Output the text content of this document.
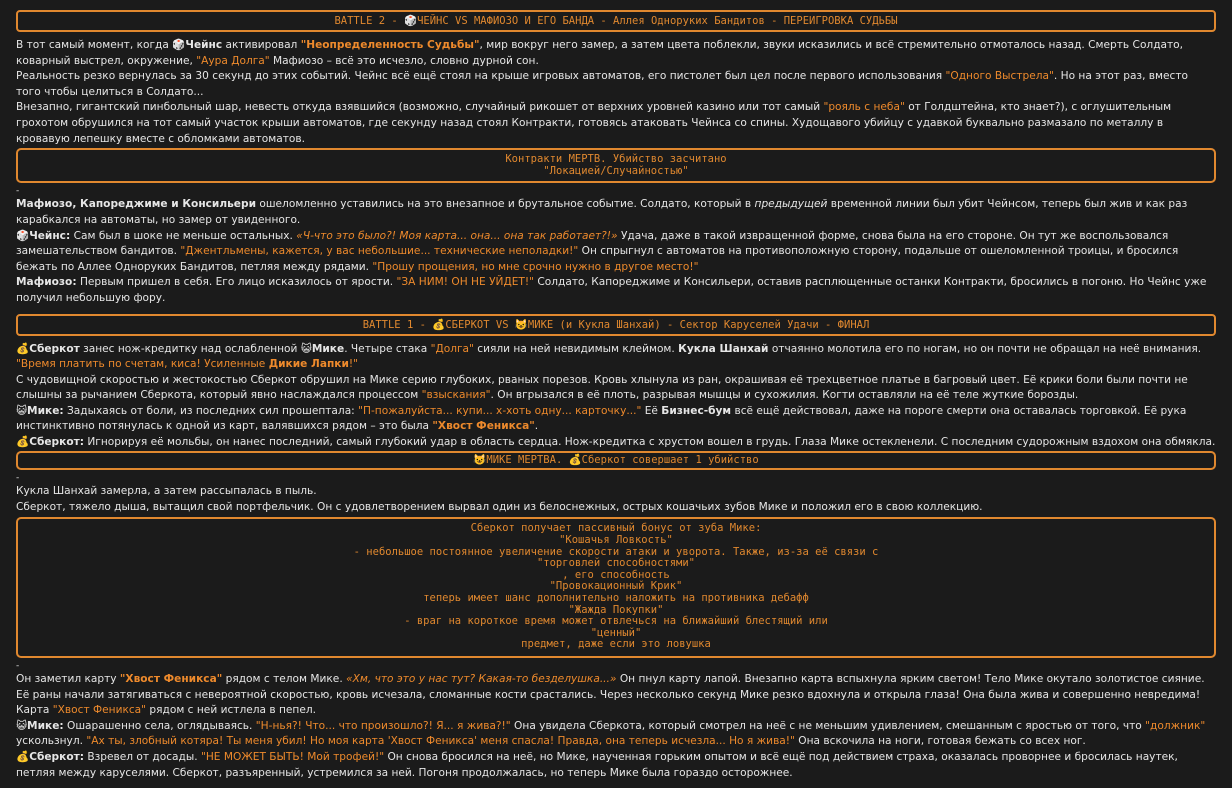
BATTLE 2 - 🎲ЧЕЙНС VS МАФИОЗО И ЕГО БАНДА - Аллея Одноруких Бандитов - ПЕРЕИГРОВКА СУДЬБЫ

В тот самый момент, когда 🎲Чейнс активировал "Неопределенность Судьбы", мир вокруг него замер, а затем цвета поблекли, звуки исказились и всё стремительно отмоталось назад. Смерть Солдато, коварный выстрел, окружение, "Аура Долга" Мафиозо – всё это исчезло, словно дурной сон.

Реальность резко вернулась за 30 секунд до этих событий. Чейнс всё ещё стоял на крыше игровых автоматов, его пистолет был цел после первого использования "Одного Выстрела". Но на этот раз, вместо того чтобы целиться в Солдато...

Внезапно, гигантский пинбольный шар, невесть откуда взявшийся (возможно, случайный рикошет от верхних уровней казино или тот самый "рояль с неба" от Голдштейна, кто знает?), с оглушительным грохотом обрушился на тот самый участок крыши автоматов, где секунду назад стоял Контракти, готовясь атаковать Чейнса со спины. Худощавого убийцу с удавкой буквально размазало по металлу в кровавую лепешку вместе с обломками автоматов.

Контракти МЕРТВ. Убийство засчитано
"Локацией/Случайностью"
-

Мафиозо, Капореджиме и Консильери ошеломленно уставились на это внезапное и брутальное событие. Солдато, который в предыдущей временной линии был убит Чейнсом, теперь был жив и как раз карабкался на автоматы, но замер от увиденного.

🎲Чейнс: Сам был в шоке не меньше остальных. «Ч-что это было?! Моя карта... она... она так работает?!» Удача, даже в такой извращенной форме, снова была на его стороне. Он тут же воспользовался замешательством бандитов. "Джентльмены, кажется, у вас небольшие... технические неполадки!" Он спрыгнул с автоматов на противоположную сторону, подальше от ошеломленной троицы, и бросился бежать по Аллее Одноруких Бандитов, петляя между рядами. "Прошу прощения, но мне срочно нужно в другое место!"

Мафиозо: Первым пришел в себя. Его лицо исказилось от ярости. "ЗА НИМ! ОН НЕ УЙДЕТ!" Солдато, Капореджиме и Консильери, оставив расплющенные останки Контракти, бросились в погоню. Но Чейнс уже получил небольшую фору.

BATTLE 1 - 💰СБЕРКОТ VS 😺МИКЕ (и Кукла Шанхай) - Сектор Каруселей Удачи - ФИНАЛ

💰Сберкот занес нож-кредитку над ослабленной 😺Мике. Четыре стака "Долга" сияли на ней невидимым клеймом. Кукла Шанхай отчаянно молотила его по ногам, но он почти не обращал на неё внимания. "Время платить по счетам, киса! Усиленные Дикие Лапки!"

С чудовищной скоростью и жестокостью Сберкот обрушил на Мике серию глубоких, рваных порезов. Кровь хлынула из ран, окрашивая её трехцветное платье в багровый цвет. Её крики боли были почти не слышны за рычанием Сберкота, который явно наслаждался процессом "взыскания". Он вгрызался в её плоть, разрывая мышцы и сухожилия. Когти оставляли на её теле жуткие борозды.

😺Мике: Задыхаясь от боли, из последних сил прошептала: "П-пожалуйста... купи... х-хоть одну... карточку..." Её Бизнес-бум всё ещё действовал, даже на пороге смерти она оставалась торговкой. Её рука инстинктивно потянулась к одной из карт, валявшихся рядом – это была "Хвост Феникса".

💰Сберкот: Игнорируя её мольбы, он нанес последний, самый глубокий удар в область сердца. Нож-кредитка с хрустом вошел в грудь. Глаза Мике остекленели. С последним судорожным вздохом она обмякла.

😺МИКЕ МЕРТВА. 💰Сберкот совершает 1 убийство
-

Кукла Шанхай замерла, а затем рассыпалась в пыль.

Сберкот, тяжело дыша, вытащил свой портфельчик. Он с удовлетворением вырвал один из белоснежных, острых кошачьих зубов Мике и положил его в свою коллекцию.

Сберкот получает пассивный бонус от зуба Мике:
"Кошачья Ловкость"
- небольшое постоянное увеличение скорости атаки и уворота. Также, из-за её связи с
"торговлей способностями"
, его способность
"Провокационный Крик"
теперь имеет шанс дополнительно наложить на противника дебафф
"Жажда Покупки"
- враг на короткое время может отвлечься на ближайший блестящий или
"ценный"
предмет, даже если это ловушка
-

Он заметил карту "Хвост Феникса" рядом с телом Мике. «Хм, что это у нас тут? Какая-то безделушка...» Он пнул карту лапой. Внезапно карта вспыхнула ярким светом! Тело Мике окутало золотистое сияние. Её раны начали затягиваться с невероятной скоростью, кровь исчезала, сломанные кости срастались. Через несколько секунд Мике резко вдохнула и открыла глаза! Она была жива и совершенно невредима! Карта "Хвост Феникса" рядом с ней истлела в пепел.

😺Мике: Ошарашенно села, оглядываясь. "Н-нья?! Что... что произошло?! Я... я жива?!" Она увидела Сберкота, который смотрел на неё с не меньшим удивлением, смешанным с яростью от того, что "должник" ускользнул. "Ах ты, злобный котяра! Ты меня убил! Но моя карта 'Хвост Феникса' меня спасла! Правда, она теперь исчезла... Но я жива!" Она вскочила на ноги, готовая бежать со всех ног.

💰Сберкот: Взревел от досады. "НЕ МОЖЕТ БЫТЬ! Мой трофей!" Он снова бросился на неё, но Мике, наученная горьким опытом и всё ещё под действием страха, оказалась проворнее и бросилась наутек, петляя между каруселями. Сберкот, разъяренный, устремился за ней. Погоня продолжалась, но теперь Мике была гораздо осторожнее.
